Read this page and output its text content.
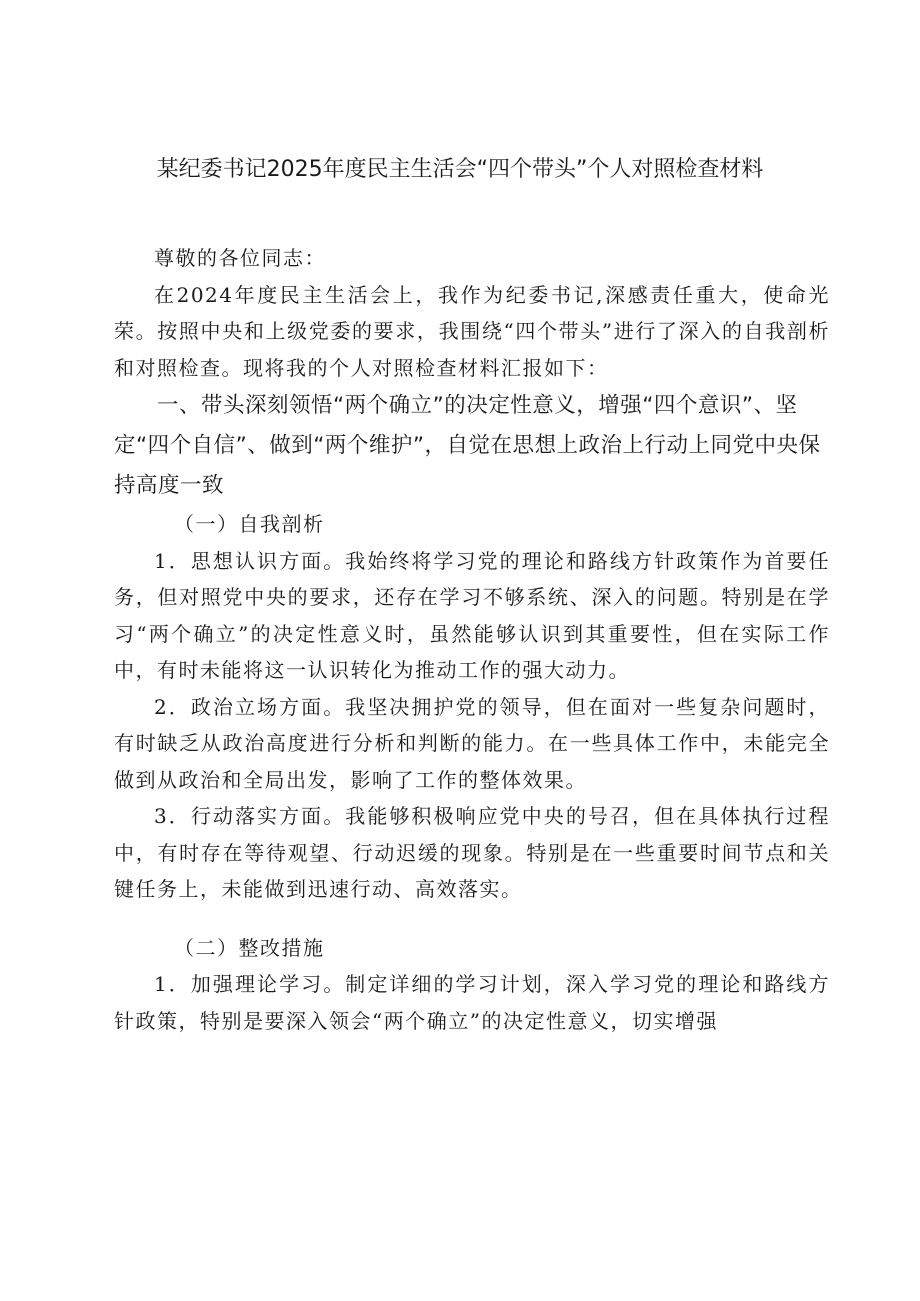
某纪委书记2025年度民主生活会“四个带头”个人对照检查材料

尊敬的各位同志：

在2024年度民主生活会上，我作为纪委书记,深感责任重大，使命光荣。按照中央和上级党委的要求，我围绕“四个带头”进行了深入的自我剖析和对照检查。现将我的个人对照检查材料汇报如下：

一、带头深刻领悟“两个确立”的决定性意义，增强“四个意识”、坚定“四个自信”、做到“两个维护”，自觉在思想上政治上行动上同党中央保持高度一致

（一）自我剖析

1．思想认识方面。我始终将学习党的理论和路线方针政策作为首要任务，但对照党中央的要求，还存在学习不够系统、深入的问题。特别是在学习“两个确立”的决定性意义时，虽然能够认识到其重要性，但在实际工作中，有时未能将这一认识转化为推动工作的强大动力。

2．政治立场方面。我坚决拥护党的领导，但在面对一些复杂问题时，有时缺乏从政治高度进行分析和判断的能力。在一些具体工作中，未能完全做到从政治和全局出发，影响了工作的整体效果。

3．行动落实方面。我能够积极响应党中央的号召，但在具体执行过程中，有时存在等待观望、行动迟缓的现象。特别是在一些重要时间节点和关键任务上，未能做到迅速行动、高效落实。

（二）整改措施

1．加强理论学习。制定详细的学习计划，深入学习党的理论和路线方针政策，特别是要深入领会“两个确立”的决定性意义，切实增强
